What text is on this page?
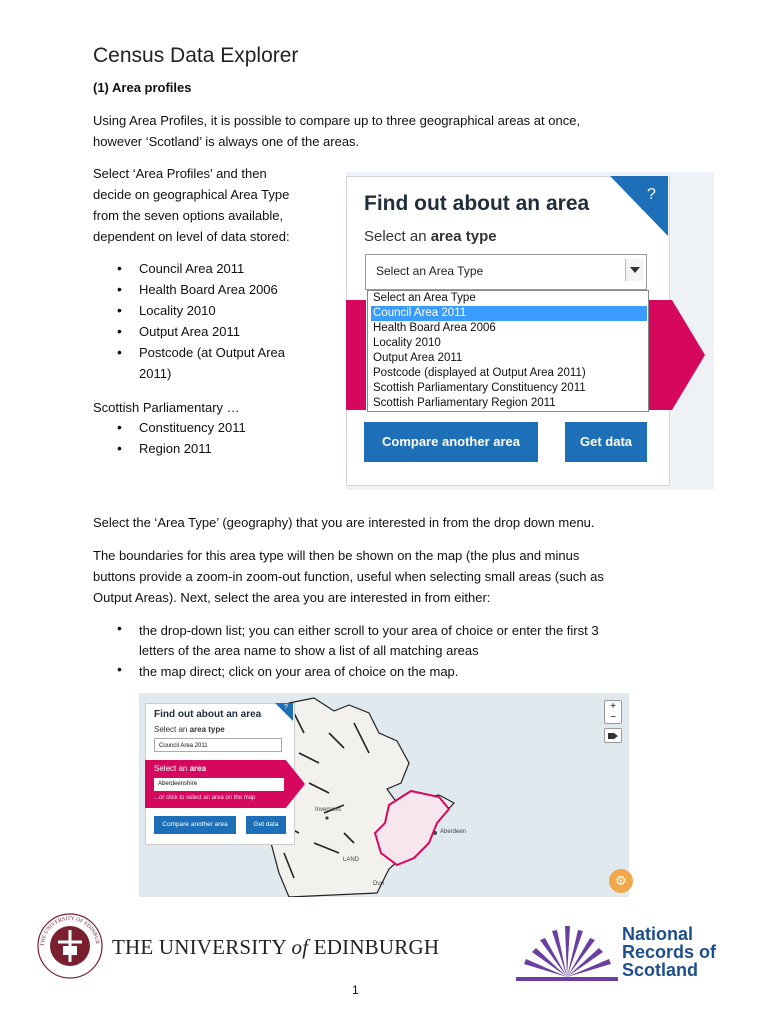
Census Data Explorer
(1) Area profiles
Using Area Profiles, it is possible to compare up to three geographical areas at once,
however ‘Scotland’ is always one of the areas.
Select ‘Area Profiles’ and then
decide on geographical Area Type
from the seven options available,
dependent on level of data stored:
• Council Area 2011
• Health Board Area 2006
• Locality 2010
• Output Area 2011
• Postcode (at Output Area
2011)
Scottish Parliamentary …
• Constituency 2011
• Region 2011
?
Find out about an area
Select an area type
Select an Area Type
Select an Area Type
Council Area 2011
Health Board Area 2006
Locality 2010
Output Area 2011
Postcode (displayed at Output Area 2011)
Scottish Parliamentary Constituency 2011
Scottish Parliamentary Region 2011
Compare another area	Get data
Select the ‘Area Type’ (geography) that you are interested in from the drop down menu.
The boundaries for this area type will then be shown on the map (the plus and minus
buttons provide a zoom-in zoom-out function, useful when selecting small areas (such as
Output Areas). Next, select the area you are interested in from either:
• the drop-down list; you can either scroll to your area of choice or enter the first 3
letters of the area name to show a list of all matching areas
• the map direct; click on your area of choice on the map.
Inverness
Aberdeen
LAND
Dun
?
Find out about an area
Select an area type
Council Area 2011
Select an area
Aberdeenshire
...or click to select an area on the map
Compare another area	Get data
+
−
⚙
THE UNIVERSITY OF EDINBUR THE UNIVERSITY of EDINBURGH
National
Records of
Scotland
1
